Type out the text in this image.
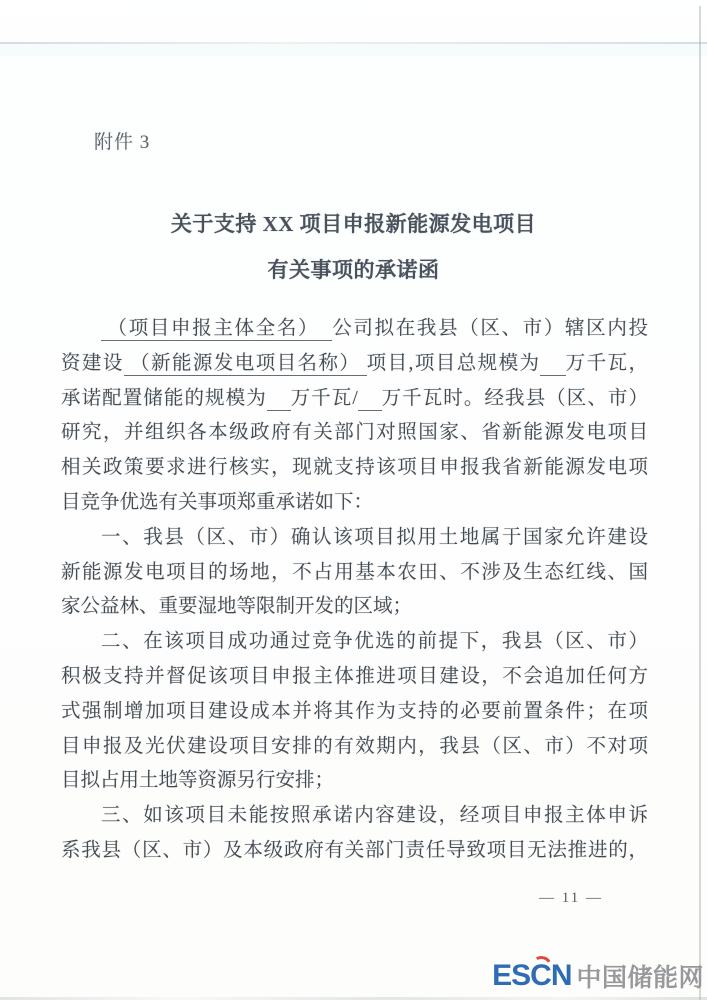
附件 3
关于支持 XX 项目申报新能源发电项目
有关事项的承诺函
（项目申报主体全名）  公司拟在我县（区、市）辖区内投
资建设 （新能源发电项目名称） 项目,项目总规模为 万千瓦，
承诺配置储能的规模为 万千瓦/ 万千瓦时。经我县（区、市）
研究，并组织各本级政府有关部门对照国家、省新能源发电项目
相关政策要求进行核实，现就支持该项目申报我省新能源发电项
目竞争优选有关事项郑重承诺如下：
一、我县（区、市）确认该项目拟用土地属于国家允许建设
新能源发电项目的场地，不占用基本农田、不涉及生态红线、国
家公益林、重要湿地等限制开发的区域；
二、在该项目成功通过竞争优选的前提下，我县（区、市）
积极支持并督促该项目申报主体推进项目建设，不会追加任何方
式强制增加项目建设成本并将其作为支持的必要前置条件；在项
目申报及光伏建设项目安排的有效期内，我县（区、市）不对项
目拟占用土地等资源另行安排；
三、如该项目未能按照承诺内容建设，经项目申报主体申诉
系我县（区、市）及本级政府有关部门责任导致项目无法推进的，
— 11 —
ES
CN 中国储能网
